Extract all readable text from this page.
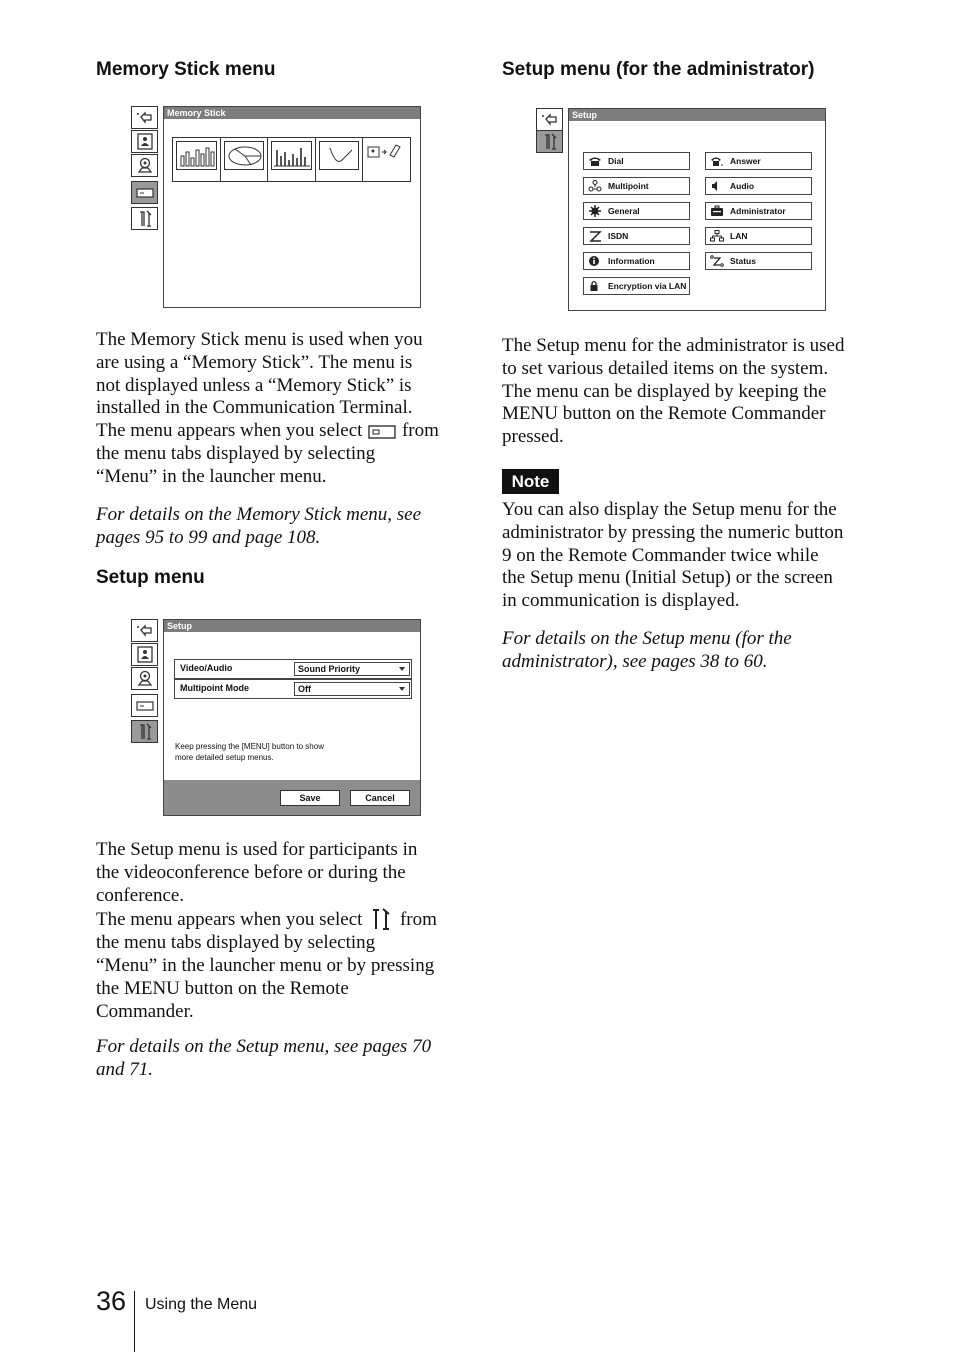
Memory Stick menu
Memory Stick

The Memory Stick menu is used when you
are using a “Memory Stick”. The menu is
not displayed unless a “Memory Stick” is
installed in the Communication Terminal.
The menu appears when you select from
the menu tabs displayed by selecting
“Menu” in the launcher menu.

For details on the Memory Stick menu, see
pages 95 to 99 and page 108.

Setup menu
Setup
Video/Audio	Sound Priority
Multipoint Mode	Off
Keep pressing the [MENU] button to show
more detailed setup menus.
Save	Cancel

The Setup menu is used for participants in
the videoconference before or during the
conference.
The menu appears when you select from
the menu tabs displayed by selecting
“Menu” in the launcher menu or by pressing
the MENU button on the Remote
Commander.

For details on the Setup menu, see pages 70
and 71.

Setup menu (for the administrator)
Setup
Dial
Multipoint
General
ISDN
Information
Encryption via LAN
Answer
Audio
Administrator
LAN
Status

The Setup menu for the administrator is used
to set various detailed items on the system.
The menu can be displayed by keeping the
MENU button on the Remote Commander
pressed.

Note

You can also display the Setup menu for the
administrator by pressing the numeric button
9 on the Remote Commander twice while
the Setup menu (Initial Setup) or the screen
in communication is displayed.

For details on the Setup menu (for the
administrator), see pages 38 to 60.

36 Using the Menu
